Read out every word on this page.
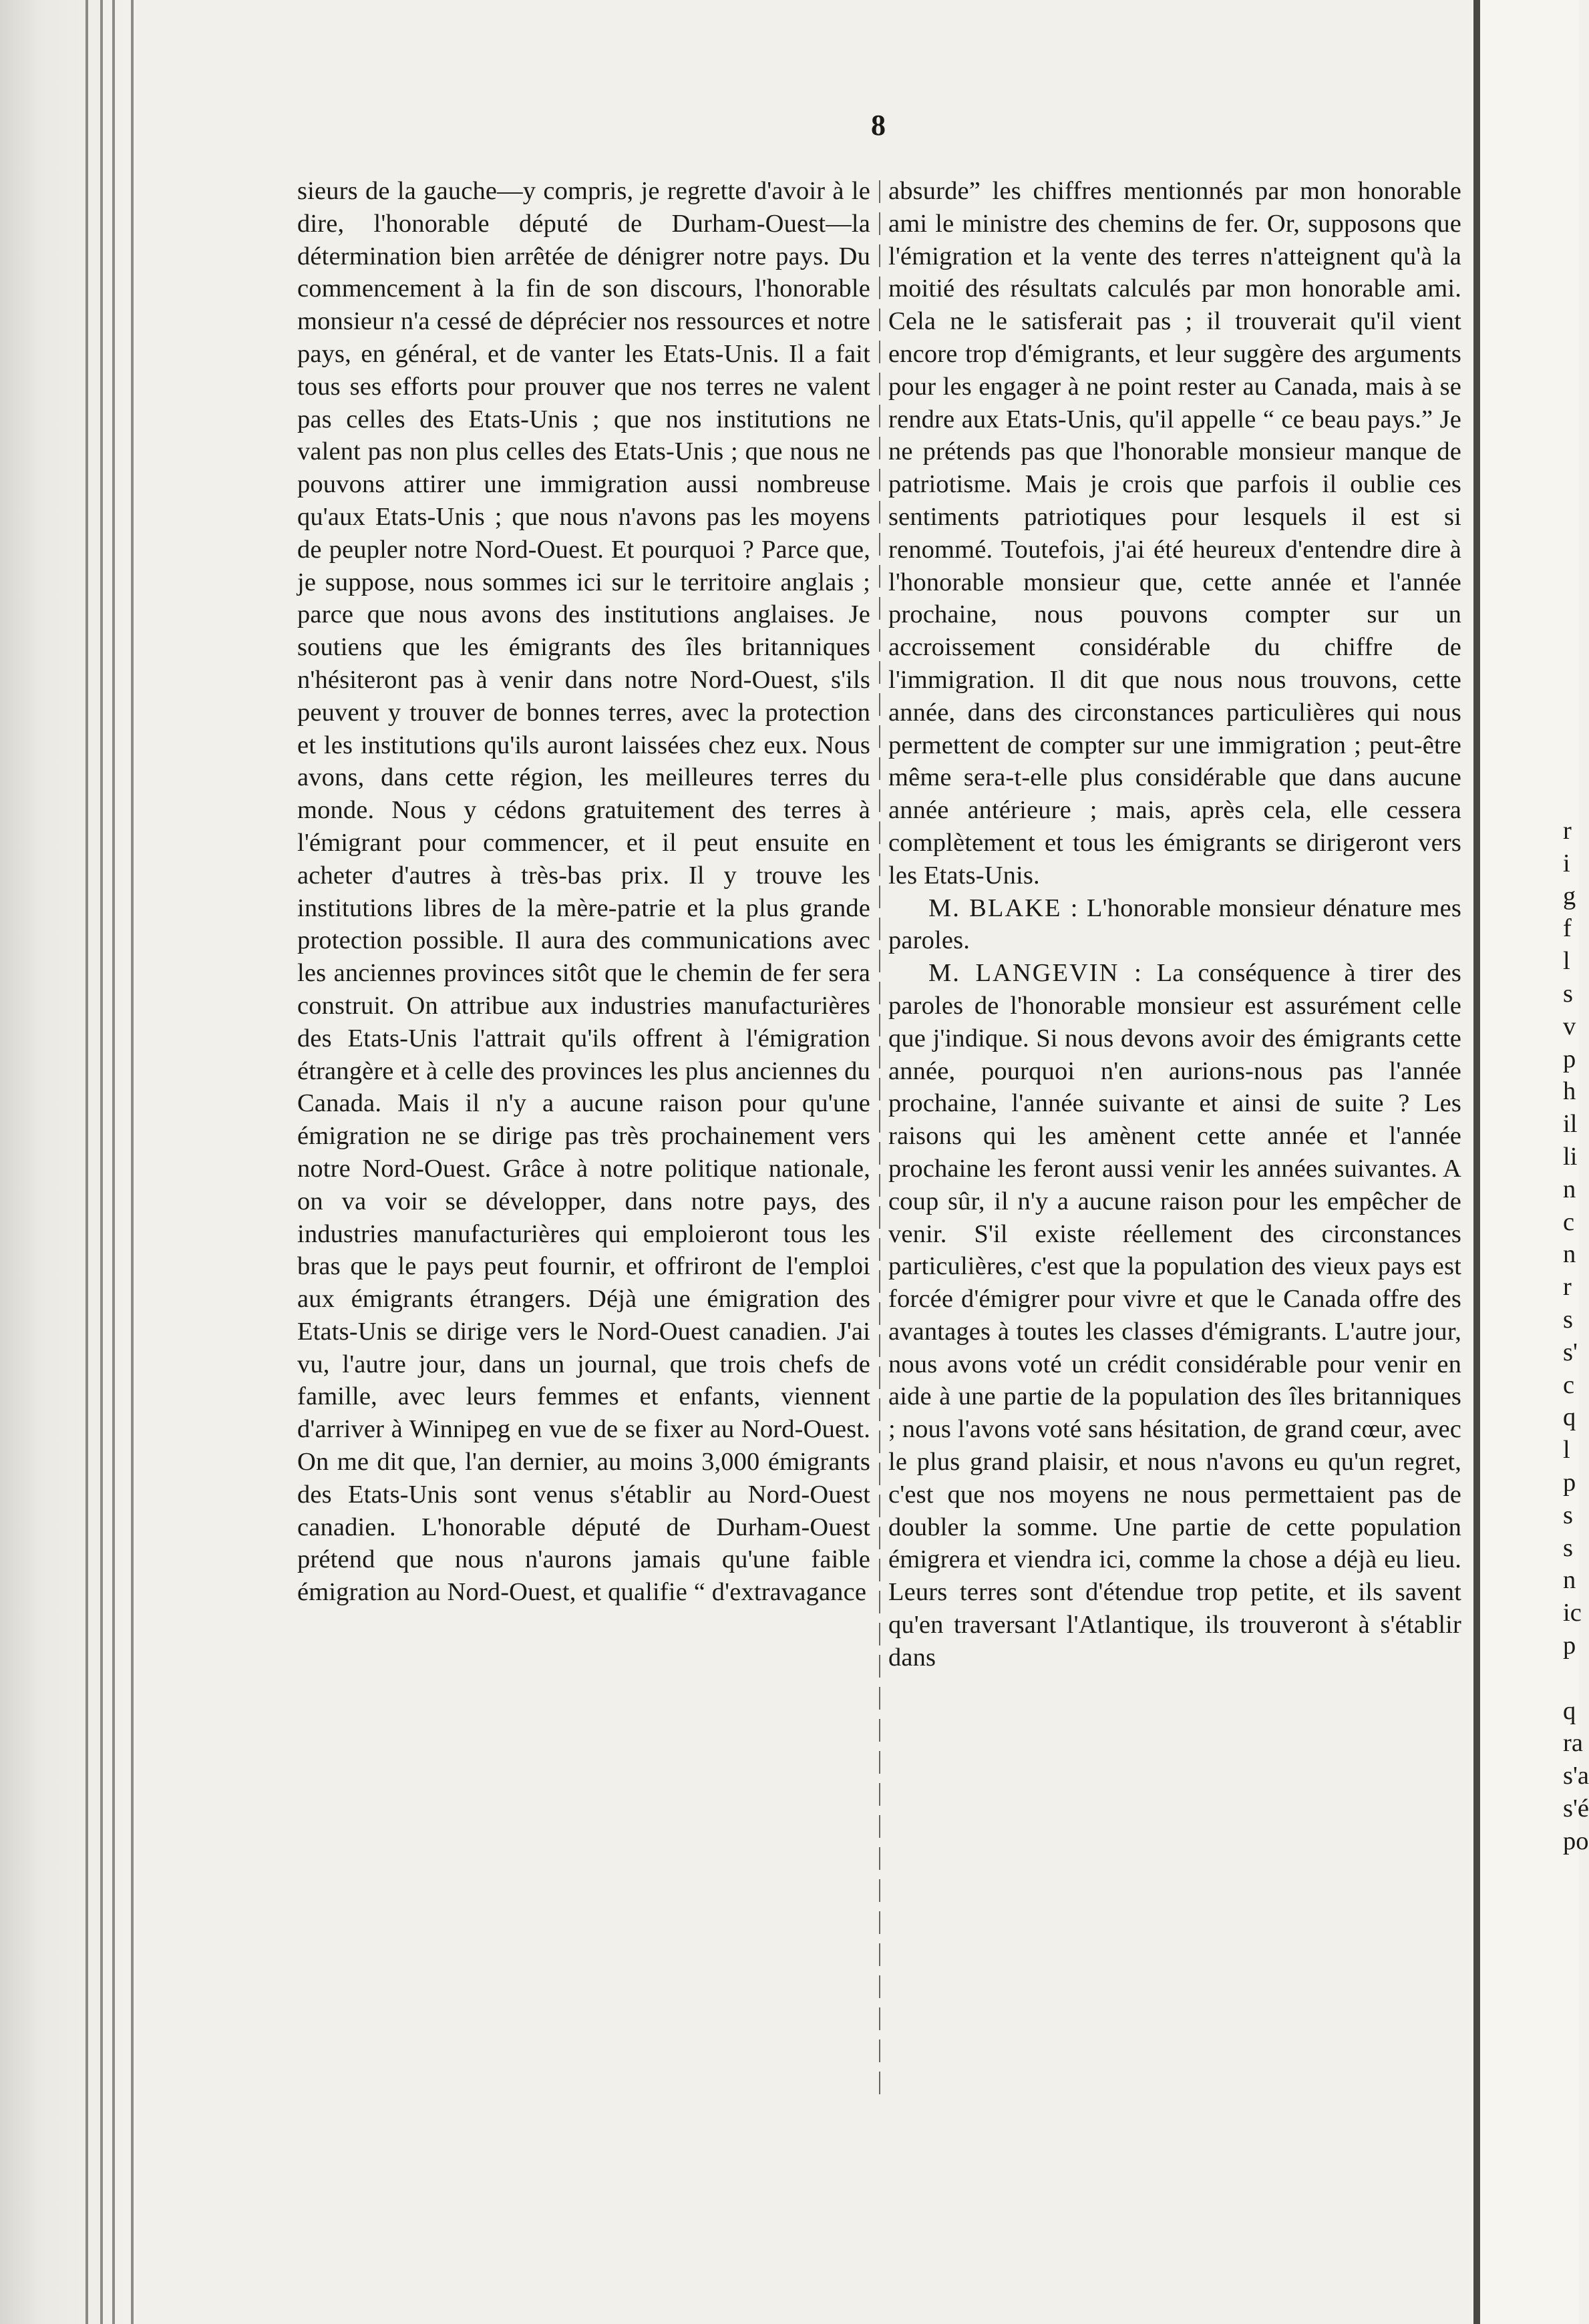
8

sieurs de la gauche—y compris, je regrette d'avoir à le dire, l'honorable député de Durham-Ouest—la détermination bien arrêtée de dénigrer notre pays. Du commencement à la fin de son discours, l'honorable monsieur n'a cessé de déprécier nos ressources et notre pays, en général, et de vanter les Etats-Unis. Il a fait tous ses efforts pour prouver que nos terres ne valent pas celles des Etats-Unis ; que nos institutions ne valent pas non plus celles des Etats-Unis ; que nous ne pouvons attirer une immigration aussi nombreuse qu'aux Etats-Unis ; que nous n'avons pas les moyens de peupler notre Nord-Ouest. Et pourquoi ? Parce que, je suppose, nous sommes ici sur le territoire anglais ; parce que nous avons des institutions anglaises. Je soutiens que les émigrants des îles britanniques n'hésiteront pas à venir dans notre Nord-Ouest, s'ils peuvent y trouver de bonnes terres, avec la protection et les institutions qu'ils auront laissées chez eux. Nous avons, dans cette région, les meilleures terres du monde. Nous y cédons gratuitement des terres à l'émigrant pour commencer, et il peut ensuite en acheter d'autres à très-bas prix. Il y trouve les institutions libres de la mère-patrie et la plus grande protection possible. Il aura des communications avec les anciennes provinces sitôt que le chemin de fer sera construit. On attribue aux industries manufacturières des Etats-Unis l'attrait qu'ils offrent à l'émigration étrangère et à celle des provinces les plus anciennes du Canada. Mais il n'y a aucune raison pour qu'une émigration ne se dirige pas très prochainement vers notre Nord-Ouest. Grâce à notre politique nationale, on va voir se développer, dans notre pays, des industries manufacturières qui emploieront tous les bras que le pays peut fournir, et offriront de l'emploi aux émigrants étrangers. Déjà une émigration des Etats-Unis se dirige vers le Nord-Ouest canadien. J'ai vu, l'autre jour, dans un journal, que trois chefs de famille, avec leurs femmes et enfants, viennent d'arriver à Winnipeg en vue de se fixer au Nord-Ouest. On me dit que, l'an dernier, au moins 3,000 émigrants des Etats-Unis sont venus s'établir au Nord-Ouest canadien. L'honorable député de Durham-Ouest prétend que nous n'aurons jamais qu'une faible émigration au Nord-Ouest, et qualifie “ d'extravagance

absurde” les chiffres mentionnés par mon honorable ami le ministre des chemins de fer. Or, supposons que l'émigration et la vente des terres n'atteignent qu'à la moitié des résultats calculés par mon honorable ami. Cela ne le satisferait pas ; il trouverait qu'il vient encore trop d'émigrants, et leur suggère des arguments pour les engager à ne point rester au Canada, mais à se rendre aux Etats-Unis, qu'il appelle “ ce beau pays.” Je ne prétends pas que l'honorable monsieur manque de patriotisme. Mais je crois que parfois il oublie ces sentiments patriotiques pour lesquels il est si renommé. Toutefois, j'ai été heureux d'entendre dire à l'honorable monsieur que, cette année et l'année prochaine, nous pouvons compter sur un accroissement considérable du chiffre de l'immigration. Il dit que nous nous trouvons, cette année, dans des circonstances particulières qui nous permettent de compter sur une immigration ; peut-être même sera-t-elle plus considérable que dans aucune année antérieure ; mais, après cela, elle cessera complètement et tous les émigrants se dirigeront vers les Etats-Unis.

M. BLAKE : L'honorable monsieur dénature mes paroles.

M. LANGEVIN : La conséquence à tirer des paroles de l'honorable monsieur est assurément celle que j'indique. Si nous devons avoir des émigrants cette année, pourquoi n'en aurions-nous pas l'année prochaine, l'année suivante et ainsi de suite ? Les raisons qui les amènent cette année et l'année prochaine les feront aussi venir les années suivantes. A coup sûr, il n'y a aucune raison pour les empêcher de venir. S'il existe réellement des circonstances particulières, c'est que la population des vieux pays est forcée d'émigrer pour vivre et que le Canada offre des avantages à toutes les classes d'émigrants. L'autre jour, nous avons voté un crédit considérable pour venir en aide à une partie de la population des îles britanniques ; nous l'avons voté sans hésitation, de grand cœur, avec le plus grand plaisir, et nous n'avons eu qu'un regret, c'est que nos moyens ne nous permettaient pas de doubler la somme. Une partie de cette population émigrera et viendra ici, comme la chose a déjà eu lieu. Leurs terres sont d'étendue trop petite, et ils savent qu'en traversant l'Atlantique, ils trouveront à s'établir dans

r
i
g
f
l
s
v
p
h
il
li
n
c
n
r
s
s'
c
q
l
p
s
s
n
ic
p

q
ra
s'a
s'é
po
